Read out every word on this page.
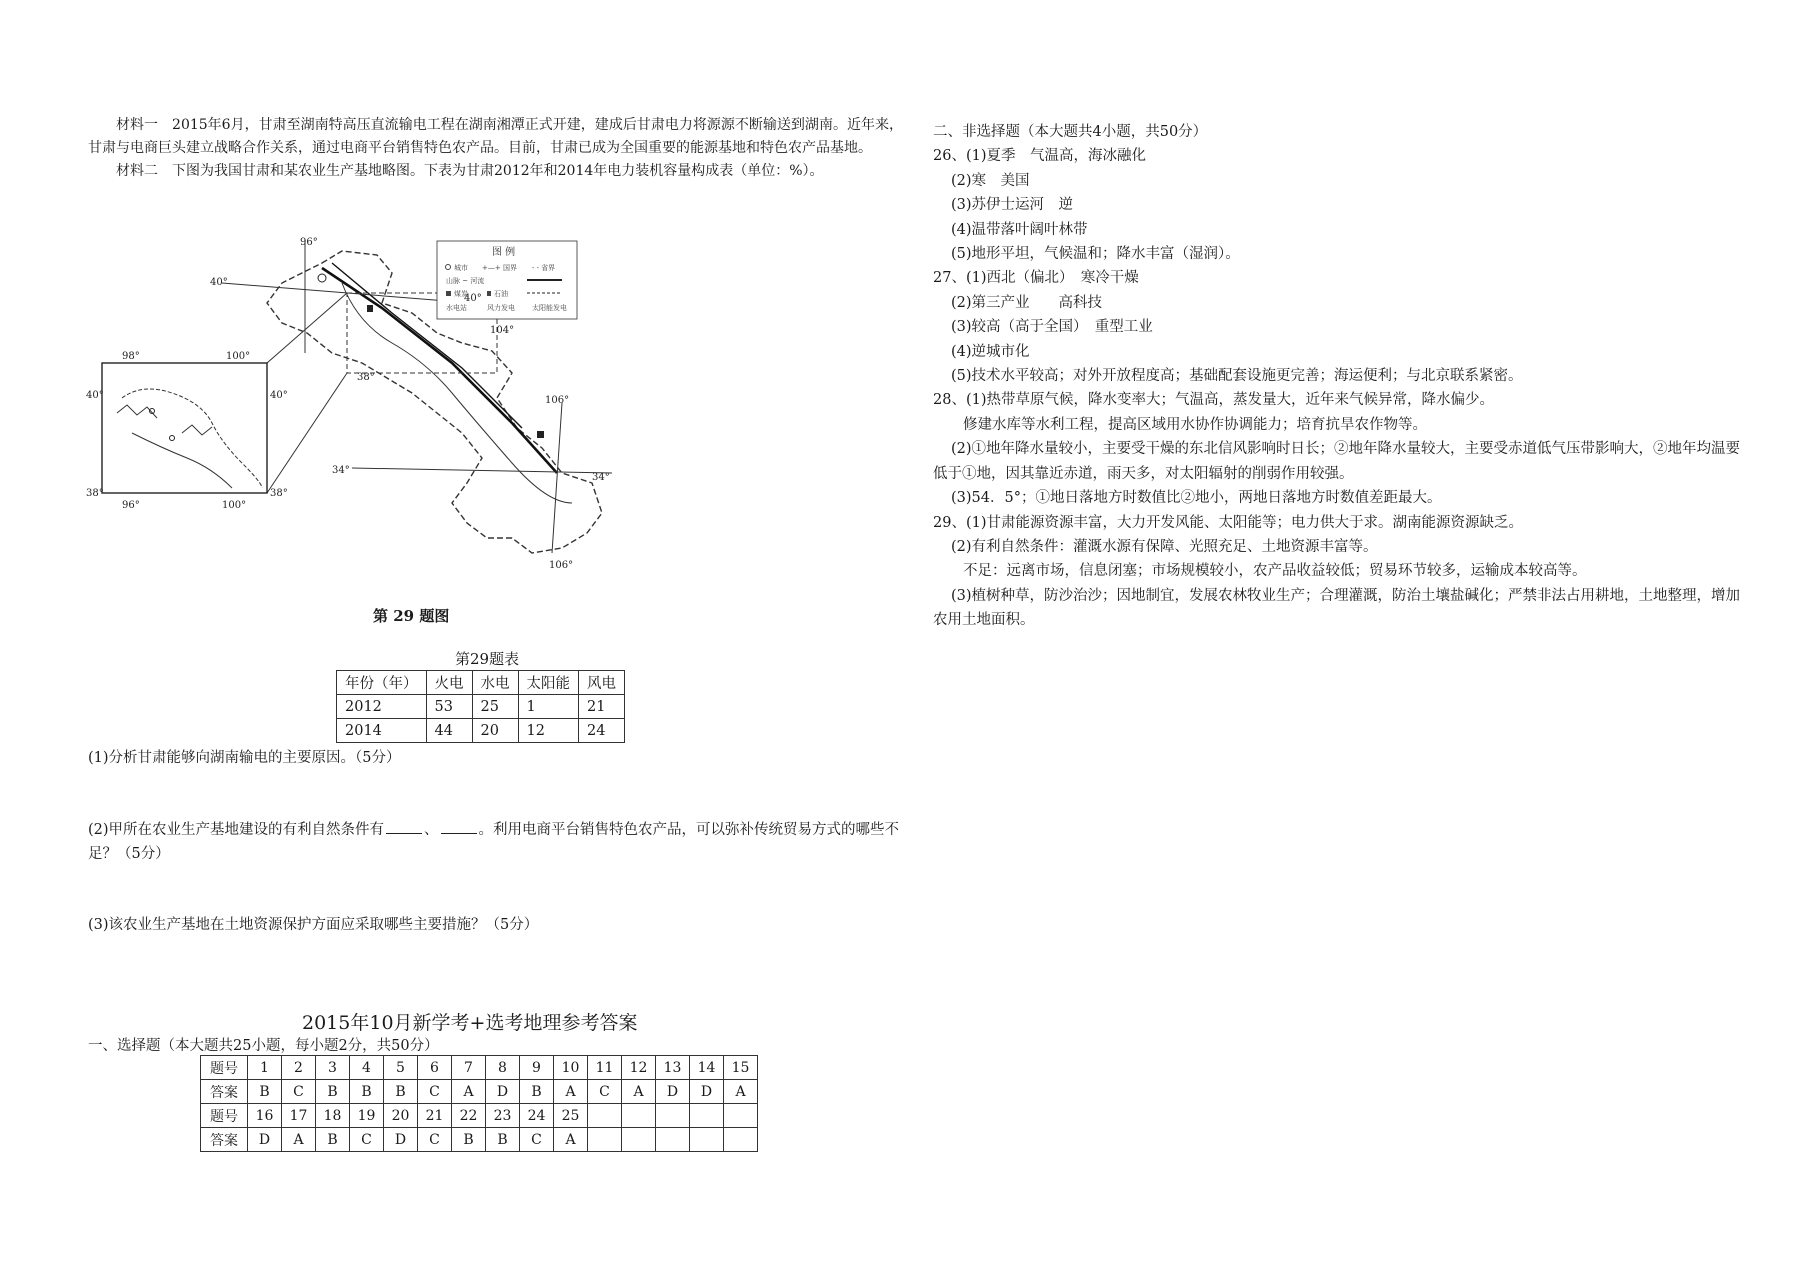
材料一　2015年6月，甘肃至湖南特高压直流输电工程在湖南湘潭正式开建，建成后甘肃电力将源源不断输送到湖南。近年来，甘肃与电商巨头建立战略合作关系，通过电商平台销售特色农产品。目前，甘肃已成为全国重要的能源基地和特色农产品基地。

材料二　下图为我国甘肃和某农业生产基地略图。下表为甘肃2012年和2014年电力装机容量构成表（单位：%）。

图 例
城市 +—+ 国界 - - 省界
山脉 ~ 河流
煤炭	石油
水电站	风力发电 太阳能发电
96°
40°
40°
38°
104°
106°
34°
34°
106°
98°	100°
40°	40°
38°
96°	100°
38°
第 29 题图
第29题表
年份（年）	火电	水电	太阳能	风电
2012	53	25	1	21
2014	44	20	12	24
(1)分析甘肃能够向湖南输电的主要原因。（5分）
(2)甲所在农业生产基地建设的有利自然条件有	、	。利用电商平台销售特色农产品，可以弥补传统贸易方式的哪些不足？（5分）
(3)该农业生产基地在土地资源保护方面应采取哪些主要措施？（5分）
2015年10月新学考+选考地理参考答案
一、选择题（本大题共25小题，每小题2分，共50分）
题号	1	2	3	4	5	6	7	8	9	10	11	12	13	14	15
答案	B	C	B	B	B	C	A	D	B	A	C	A	D	D	A
题号	16	17	18	19	20	21	22	23	24	25					
答案	D	A	B	C	D	C	B	B	C	A					

二、非选择题（本大题共4小题，共50分）

26、(1)夏季　气温高，海冰融化

(2)寒　美国

(3)苏伊士运河　逆

(4)温带落叶阔叶林带

(5)地形平坦，气候温和；降水丰富（湿润）。

27、(1)西北（偏北）　寒冷干燥

(2)第三产业　　高科技

(3)较高（高于全国）　重型工业

(4)逆城市化

(5)技术水平较高；对外开放程度高；基础配套设施更完善；海运便利；与北京联系紧密。

28、(1)热带草原气候，降水变率大；气温高，蒸发量大，近年来气候异常，降水偏少。

修建水库等水利工程，提高区域用水协作协调能力；培育抗旱农作物等。

(2)①地年降水量较小，主要受干燥的东北信风影响时日长；②地年降水量较大，主要受赤道低气压带影响大，②地年均温要低于①地，因其靠近赤道，雨天多，对太阳辐射的削弱作用较强。

(3)54．5°；①地日落地方时数值比②地小，两地日落地方时数值差距最大。

29、(1)甘肃能源资源丰富，大力开发风能、太阳能等；电力供大于求。湖南能源资源缺乏。

(2)有利自然条件：灌溉水源有保障、光照充足、土地资源丰富等。

不足：远离市场，信息闭塞；市场规模较小，农产品收益较低；贸易环节较多，运输成本较高等。

(3)植树种草，防沙治沙；因地制宜，发展农林牧业生产；合理灌溉，防治土壤盐碱化；严禁非法占用耕地，土地整理，增加农用土地面积。
